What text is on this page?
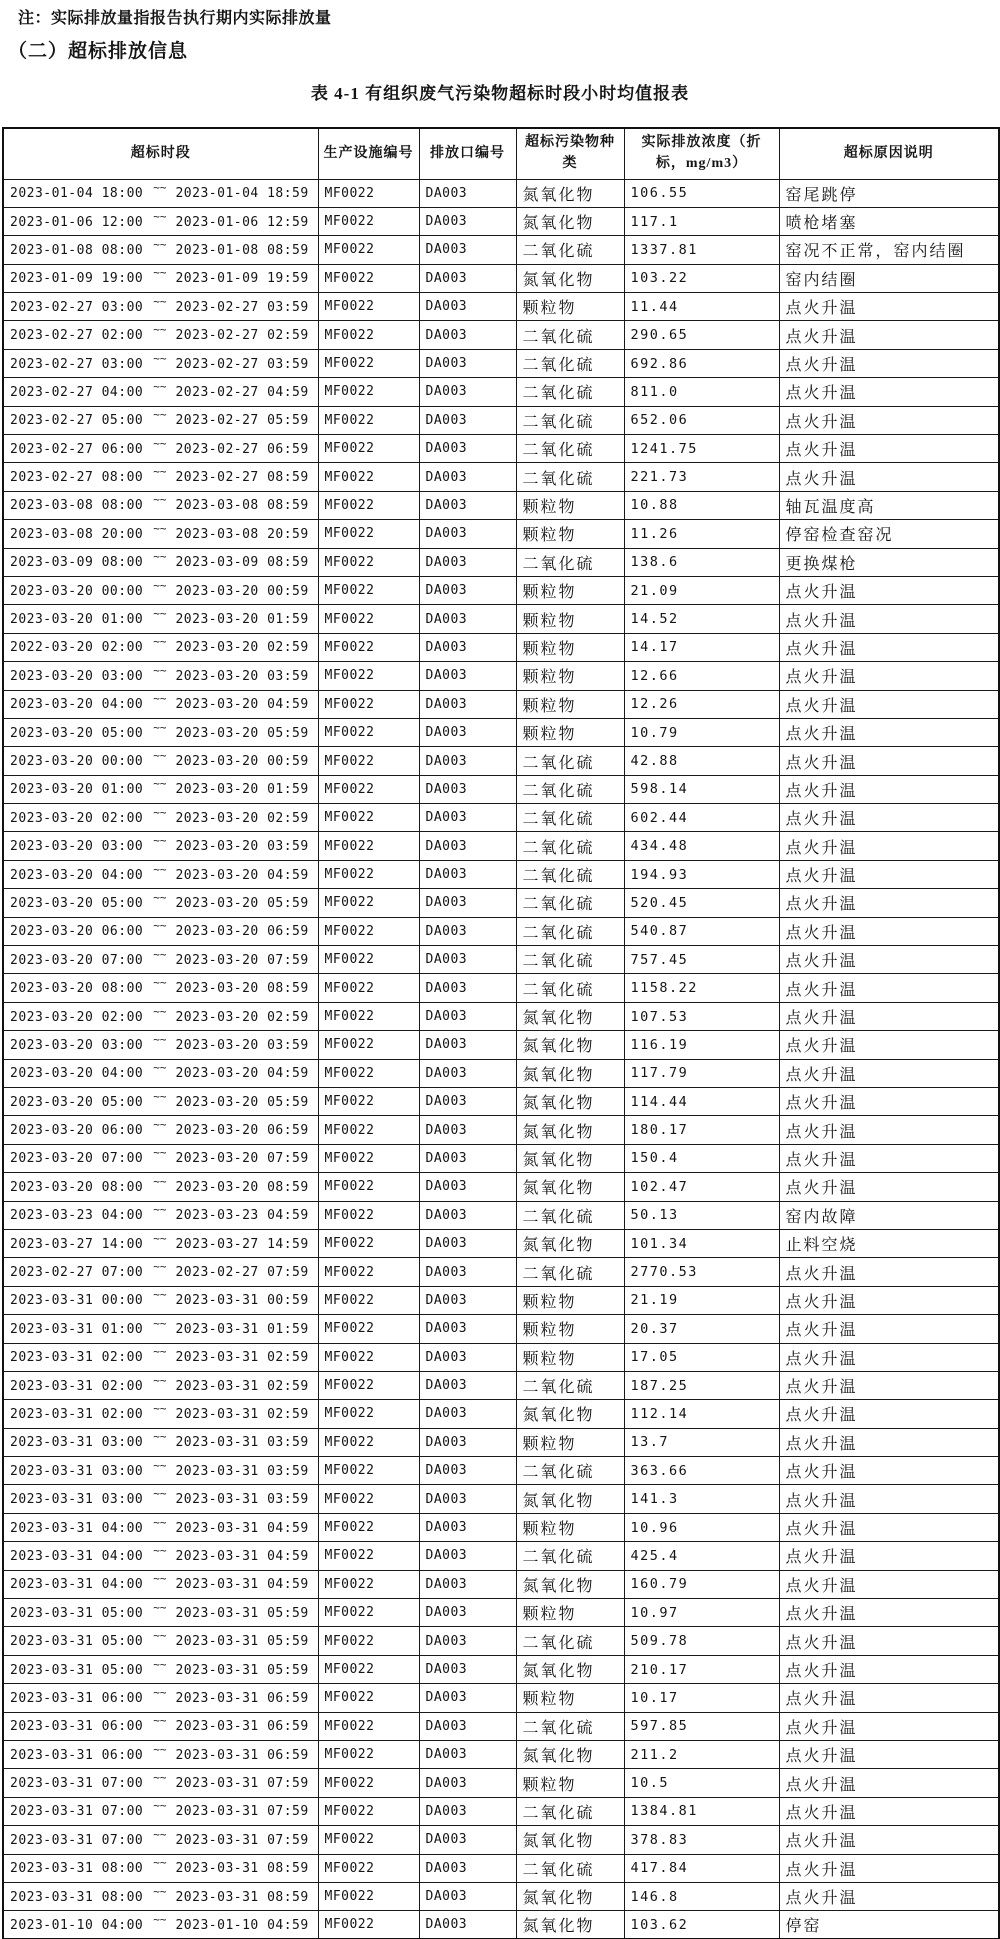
注：实际排放量指报告执行期内实际排放量
（二）超标排放信息
表 4-1 有组织废气污染物超标时段小时均值报表
超标时段	生产设施编号	排放口编号	超标污染物种类	实际排放浓度（折标，mg/m3）	超标原因说明
2023-01-04 18:00 ~~ 2023-01-04 18:59	MF0022	DA003	氮氧化物	106.55	窑尾跳停
2023-01-06 12:00 ~~ 2023-01-06 12:59	MF0022	DA003	氮氧化物	117.1	喷枪堵塞
2023-01-08 08:00 ~~ 2023-01-08 08:59	MF0022	DA003	二氧化硫	1337.81	窑况不正常，窑内结圈
2023-01-09 19:00 ~~ 2023-01-09 19:59	MF0022	DA003	氮氧化物	103.22	窑内结圈
2023-02-27 03:00 ~~ 2023-02-27 03:59	MF0022	DA003	颗粒物	11.44	点火升温
2023-02-27 02:00 ~~ 2023-02-27 02:59	MF0022	DA003	二氧化硫	290.65	点火升温
2023-02-27 03:00 ~~ 2023-02-27 03:59	MF0022	DA003	二氧化硫	692.86	点火升温
2023-02-27 04:00 ~~ 2023-02-27 04:59	MF0022	DA003	二氧化硫	811.0	点火升温
2023-02-27 05:00 ~~ 2023-02-27 05:59	MF0022	DA003	二氧化硫	652.06	点火升温
2023-02-27 06:00 ~~ 2023-02-27 06:59	MF0022	DA003	二氧化硫	1241.75	点火升温
2023-02-27 08:00 ~~ 2023-02-27 08:59	MF0022	DA003	二氧化硫	221.73	点火升温
2023-03-08 08:00 ~~ 2023-03-08 08:59	MF0022	DA003	颗粒物	10.88	轴瓦温度高
2023-03-08 20:00 ~~ 2023-03-08 20:59	MF0022	DA003	颗粒物	11.26	停窑检查窑况
2023-03-09 08:00 ~~ 2023-03-09 08:59	MF0022	DA003	二氧化硫	138.6	更换煤枪
2023-03-20 00:00 ~~ 2023-03-20 00:59	MF0022	DA003	颗粒物	21.09	点火升温
2023-03-20 01:00 ~~ 2023-03-20 01:59	MF0022	DA003	颗粒物	14.52	点火升温
2022-03-20 02:00 ~~ 2023-03-20 02:59	MF0022	DA003	颗粒物	14.17	点火升温
2023-03-20 03:00 ~~ 2023-03-20 03:59	MF0022	DA003	颗粒物	12.66	点火升温
2023-03-20 04:00 ~~ 2023-03-20 04:59	MF0022	DA003	颗粒物	12.26	点火升温
2023-03-20 05:00 ~~ 2023-03-20 05:59	MF0022	DA003	颗粒物	10.79	点火升温
2023-03-20 00:00 ~~ 2023-03-20 00:59	MF0022	DA003	二氧化硫	42.88	点火升温
2023-03-20 01:00 ~~ 2023-03-20 01:59	MF0022	DA003	二氧化硫	598.14	点火升温
2023-03-20 02:00 ~~ 2023-03-20 02:59	MF0022	DA003	二氧化硫	602.44	点火升温
2023-03-20 03:00 ~~ 2023-03-20 03:59	MF0022	DA003	二氧化硫	434.48	点火升温
2023-03-20 04:00 ~~ 2023-03-20 04:59	MF0022	DA003	二氧化硫	194.93	点火升温
2023-03-20 05:00 ~~ 2023-03-20 05:59	MF0022	DA003	二氧化硫	520.45	点火升温
2023-03-20 06:00 ~~ 2023-03-20 06:59	MF0022	DA003	二氧化硫	540.87	点火升温
2023-03-20 07:00 ~~ 2023-03-20 07:59	MF0022	DA003	二氧化硫	757.45	点火升温
2023-03-20 08:00 ~~ 2023-03-20 08:59	MF0022	DA003	二氧化硫	1158.22	点火升温
2023-03-20 02:00 ~~ 2023-03-20 02:59	MF0022	DA003	氮氧化物	107.53	点火升温
2023-03-20 03:00 ~~ 2023-03-20 03:59	MF0022	DA003	氮氧化物	116.19	点火升温
2023-03-20 04:00 ~~ 2023-03-20 04:59	MF0022	DA003	氮氧化物	117.79	点火升温
2023-03-20 05:00 ~~ 2023-03-20 05:59	MF0022	DA003	氮氧化物	114.44	点火升温
2023-03-20 06:00 ~~ 2023-03-20 06:59	MF0022	DA003	氮氧化物	180.17	点火升温
2023-03-20 07:00 ~~ 2023-03-20 07:59	MF0022	DA003	氮氧化物	150.4	点火升温
2023-03-20 08:00 ~~ 2023-03-20 08:59	MF0022	DA003	氮氧化物	102.47	点火升温
2023-03-23 04:00 ~~ 2023-03-23 04:59	MF0022	DA003	二氧化硫	50.13	窑内故障
2023-03-27 14:00 ~~ 2023-03-27 14:59	MF0022	DA003	氮氧化物	101.34	止料空烧
2023-02-27 07:00 ~~ 2023-02-27 07:59	MF0022	DA003	二氧化硫	2770.53	点火升温
2023-03-31 00:00 ~~ 2023-03-31 00:59	MF0022	DA003	颗粒物	21.19	点火升温
2023-03-31 01:00 ~~ 2023-03-31 01:59	MF0022	DA003	颗粒物	20.37	点火升温
2023-03-31 02:00 ~~ 2023-03-31 02:59	MF0022	DA003	颗粒物	17.05	点火升温
2023-03-31 02:00 ~~ 2023-03-31 02:59	MF0022	DA003	二氧化硫	187.25	点火升温
2023-03-31 02:00 ~~ 2023-03-31 02:59	MF0022	DA003	氮氧化物	112.14	点火升温
2023-03-31 03:00 ~~ 2023-03-31 03:59	MF0022	DA003	颗粒物	13.7	点火升温
2023-03-31 03:00 ~~ 2023-03-31 03:59	MF0022	DA003	二氧化硫	363.66	点火升温
2023-03-31 03:00 ~~ 2023-03-31 03:59	MF0022	DA003	氮氧化物	141.3	点火升温
2023-03-31 04:00 ~~ 2023-03-31 04:59	MF0022	DA003	颗粒物	10.96	点火升温
2023-03-31 04:00 ~~ 2023-03-31 04:59	MF0022	DA003	二氧化硫	425.4	点火升温
2023-03-31 04:00 ~~ 2023-03-31 04:59	MF0022	DA003	氮氧化物	160.79	点火升温
2023-03-31 05:00 ~~ 2023-03-31 05:59	MF0022	DA003	颗粒物	10.97	点火升温
2023-03-31 05:00 ~~ 2023-03-31 05:59	MF0022	DA003	二氧化硫	509.78	点火升温
2023-03-31 05:00 ~~ 2023-03-31 05:59	MF0022	DA003	氮氧化物	210.17	点火升温
2023-03-31 06:00 ~~ 2023-03-31 06:59	MF0022	DA003	颗粒物	10.17	点火升温
2023-03-31 06:00 ~~ 2023-03-31 06:59	MF0022	DA003	二氧化硫	597.85	点火升温
2023-03-31 06:00 ~~ 2023-03-31 06:59	MF0022	DA003	氮氧化物	211.2	点火升温
2023-03-31 07:00 ~~ 2023-03-31 07:59	MF0022	DA003	颗粒物	10.5	点火升温
2023-03-31 07:00 ~~ 2023-03-31 07:59	MF0022	DA003	二氧化硫	1384.81	点火升温
2023-03-31 07:00 ~~ 2023-03-31 07:59	MF0022	DA003	氮氧化物	378.83	点火升温
2023-03-31 08:00 ~~ 2023-03-31 08:59	MF0022	DA003	二氧化硫	417.84	点火升温
2023-03-31 08:00 ~~ 2023-03-31 08:59	MF0022	DA003	氮氧化物	146.8	点火升温
2023-01-10 04:00 ~~ 2023-01-10 04:59	MF0022	DA003	氮氧化物	103.62	停窑
